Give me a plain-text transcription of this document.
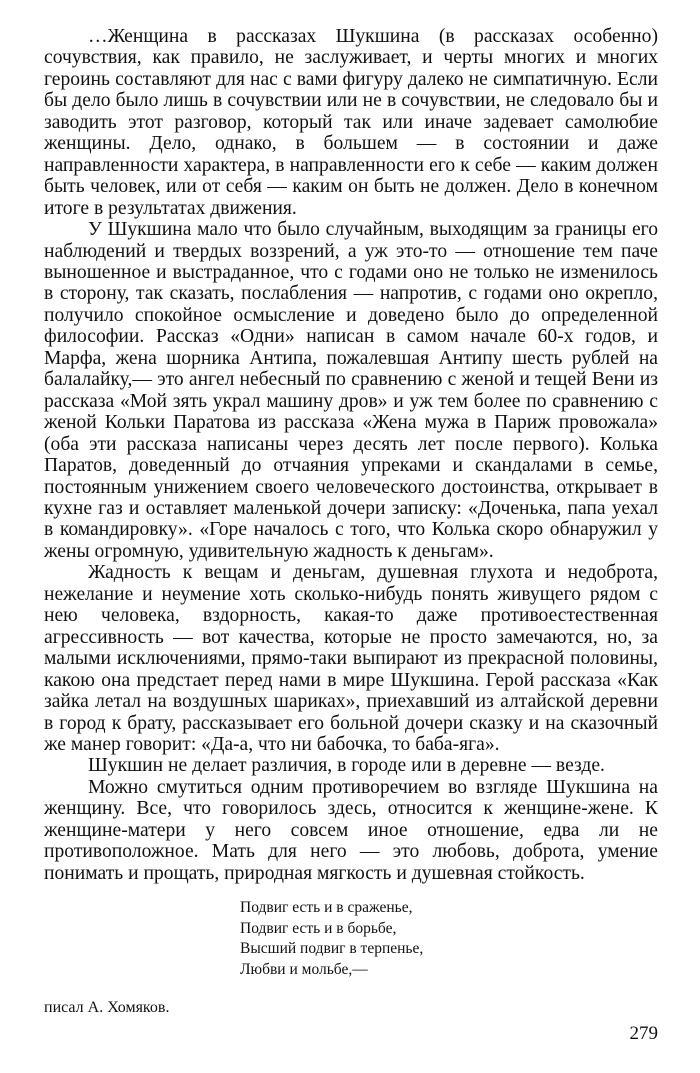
…Женщина в рассказах Шукшина (в рассказах особенно) сочувствия, как правило, не заслуживает, и черты многих и многих героинь составляют для нас с вами фигуру далеко не симпатичную. Если бы дело было лишь в сочувствии или не в сочувствии, не следовало бы и заводить этот разговор, который так или иначе задевает самолюбие женщины. Дело, однако, в большем — в состоянии и даже направленности характера, в направленности его к себе — каким должен быть человек, или от себя — каким он быть не должен. Дело в конечном итоге в результатах движения.

У Шукшина мало что было случайным, выходящим за границы его наблюдений и твердых воззрений, а уж это-то — отношение тем паче выношенное и выстраданное, что с годами оно не только не изменилось в сторону, так сказать, послабления — напротив, с годами оно окрепло, получило спокойное осмысление и доведено было до определенной философии. Рассказ «Одни» написан в самом начале 60-х годов, и Марфа, жена шорника Антипа, пожалевшая Антипу шесть рублей на балалайку,— это ангел небесный по сравнению с женой и тещей Вени из рассказа «Мой зять украл машину дров» и уж тем более по сравнению с женой Кольки Паратова из рассказа «Жена мужа в Париж провожала» (оба эти рассказа написаны через десять лет после первого). Колька Паратов, доведенный до отчаяния упреками и скандалами в семье, постоянным унижением своего человеческого достоинства, открывает в кухне газ и оставляет маленькой дочери записку: «Доченька, папа уехал в командировку». «Горе началось с того, что Колька скоро обнаружил у жены огромную, удивительную жадность к деньгам».

Жадность к вещам и деньгам, душевная глухота и недоброта, нежелание и неумение хоть сколько-нибудь понять живущего рядом с нею человека, вздорность, какая-то даже противоестественная агрессивность — вот качества, которые не просто замечаются, но, за малыми исключениями, прямо-таки выпирают из прекрасной половины, какою она предстает перед нами в мире Шукшина. Герой рассказа «Как зайка летал на воздушных шариках», приехавший из алтайской деревни в город к брату, рассказывает его больной дочери сказку и на сказочный же манер говорит: «Да-а, что ни бабочка, то баба-яга».

Шукшин не делает различия, в городе или в деревне — везде.

Можно смутиться одним противоречием во взгляде Шукшина на женщину. Все, что говорилось здесь, относится к женщине-жене. К женщине-матери у него совсем иное отношение, едва ли не противоположное. Мать для него — это любовь, доброта, умение понимать и прощать, природная мягкость и душевная стойкость.

Подвиг есть и в сраженье,
Подвиг есть и в борьбе,
Высший подвиг в терпенье,
Любви и мольбе,—

писал А. Хомяков.

279
